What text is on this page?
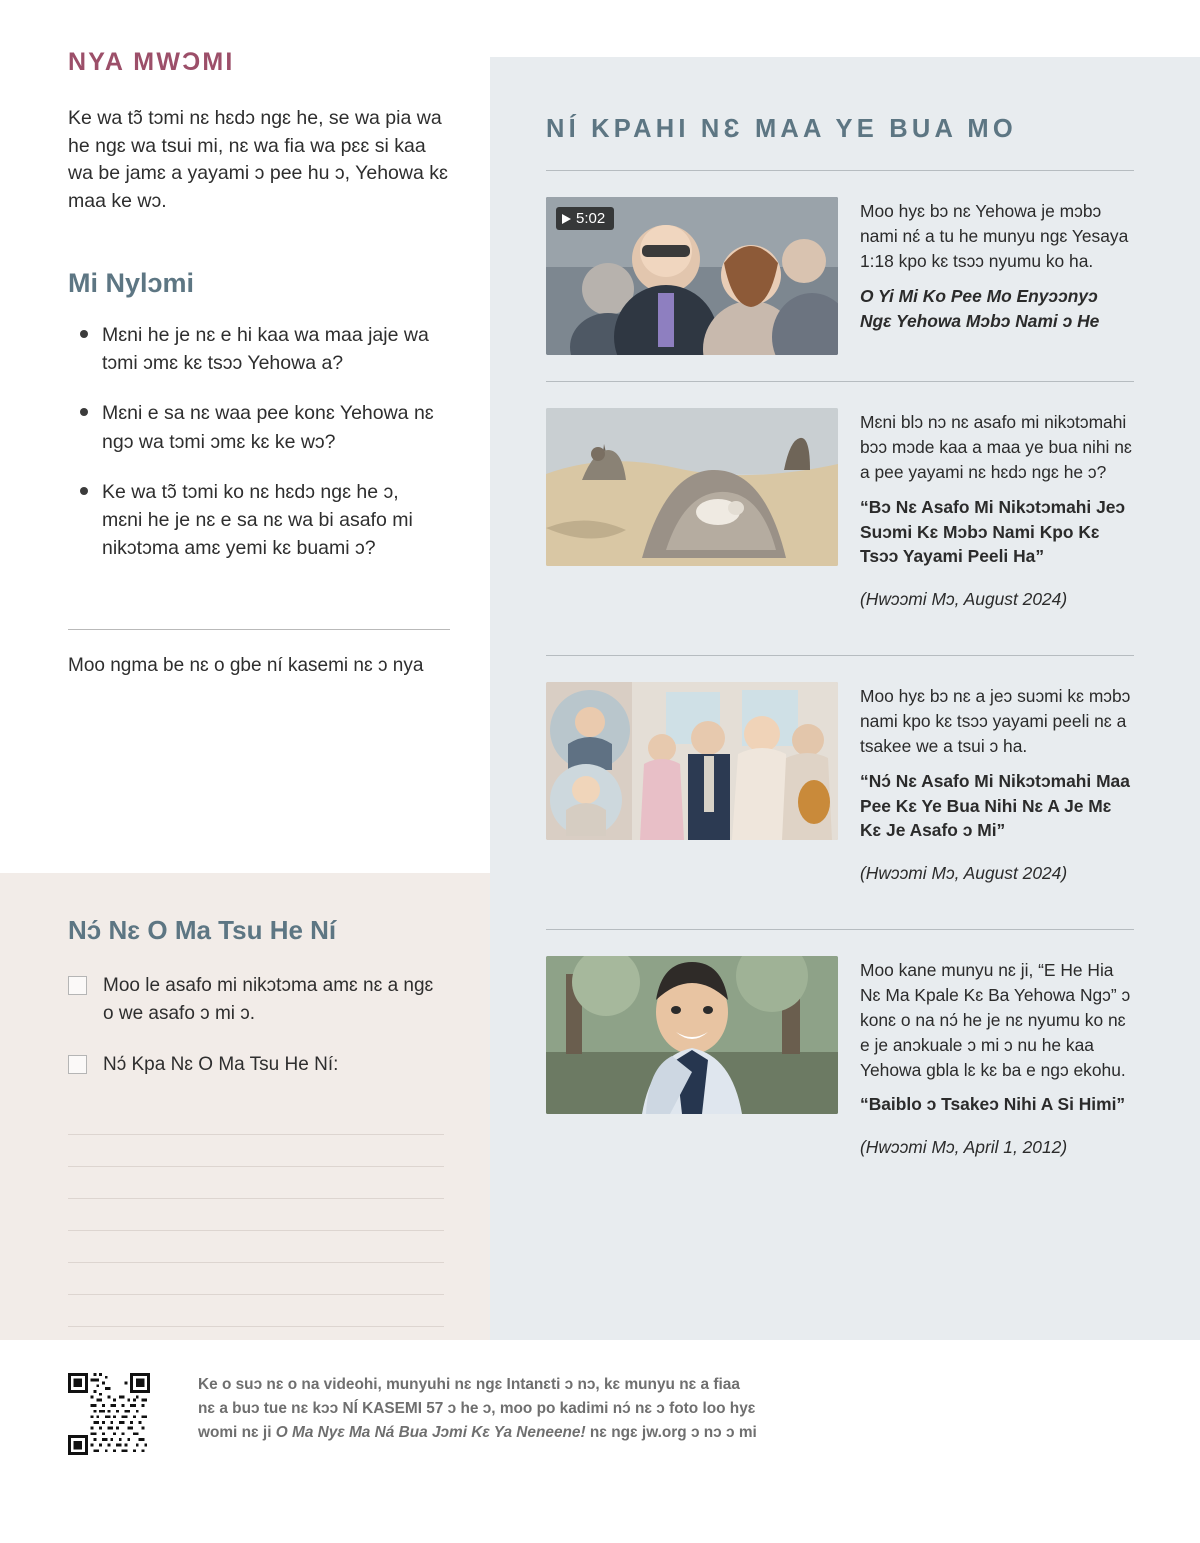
NYA MWƆMI

Ke wa tɔ̃ tɔmi nɛ hɛdɔ ngɛ he, se wa pia wa he ngɛ wa tsui mi, nɛ wa fia wa pɛɛ si kaa wa be jamɛ a yayami ɔ pee hu ɔ, Yehowa kɛ maa ke wɔ.

Mi Nylɔmi
Mɛni he je nɛ e hi kaa wa maa jaje wa tɔmi ɔmɛ kɛ tsɔɔ Yehowa a?
Mɛni e sa nɛ waa pee konɛ Yehowa nɛ ngɔ wa tɔmi ɔmɛ kɛ ke wɔ?
Ke wa tɔ̃ tɔmi ko nɛ hɛdɔ ngɛ he ɔ, mɛni he je nɛ e sa nɛ wa bi asafo mi nikɔtɔma amɛ yemi kɛ buami ɔ?
Moo ngma be nɛ o gbe ní kasemi nɛ ɔ nya
Nɔ́ Nɛ O Ma Tsu He Ní
Moo le asafo mi nikɔtɔma amɛ nɛ a ngɛ o we asafo ɔ mi ɔ.
Nɔ́ Kpa Nɛ O Ma Tsu He Ní:
NÍ KPAHI NƐ MAA YE BUA MO
5:02	Moo hyɛ bɔ nɛ Yehowa je mɔbɔ nami nɛ́ a tu he munyu ngɛ Yesaya 1:18 kpo kɛ tsɔɔ nyumu ko ha.

O Yi Mi Ko Pee Mo Enyɔɔnyɔ Ngɛ Yehowa Mɔbɔ Nami ɔ He

Mɛni blɔ nɔ nɛ asafo mi nikɔtɔmahi bɔɔ mɔde kaa a maa ye bua nihi nɛ a pee yayami nɛ hɛdɔ ngɛ he ɔ?

“Bɔ Nɛ Asafo Mi Nikɔtɔmahi Jeɔ Suɔmi Kɛ Mɔbɔ Nami Kpo Kɛ Tsɔɔ Yayami Peeli Ha”

(Hwɔɔmi Mɔ, August 2024)

Moo hyɛ bɔ nɛ a jeɔ suɔmi kɛ mɔbɔ nami kpo kɛ tsɔɔ yayami peeli nɛ a tsakee we a tsui ɔ ha.

“Nɔ́ Nɛ Asafo Mi Nikɔtɔmahi Maa Pee Kɛ Ye Bua Nihi Nɛ A Je Mɛ Kɛ Je Asafo ɔ Mi”

(Hwɔɔmi Mɔ, August 2024)

Moo kane munyu nɛ ji, “E He Hia Nɛ Ma Kpale Kɛ Ba Yehowa Ngɔ” ɔ konɛ o na nɔ́ he je nɛ nyumu ko nɛ e je anɔkuale ɔ mi ɔ nu he kaa Yehowa gbla lɛ kɛ ba e ngɔ ekohu.

“Baiblo ɔ Tsakeɔ Nihi A Si Himi”

(Hwɔɔmi Mɔ, April 1, 2012)

Ke o suɔ nɛ o na videohi, munyuhi nɛ ngɛ Intanɛti ɔ nɔ, kɛ munyu nɛ a fiaa
nɛ a buɔ tue nɛ kɔɔ NÍ KASEMI 57 ɔ he ɔ, moo po kadimi nɔ́ nɛ ɔ foto loo hyɛ
womi nɛ ji O Ma Nyɛ Ma Ná Bua Jɔmi Kɛ Ya Neneene! nɛ ngɛ jw.org ɔ nɔ ɔ mi
